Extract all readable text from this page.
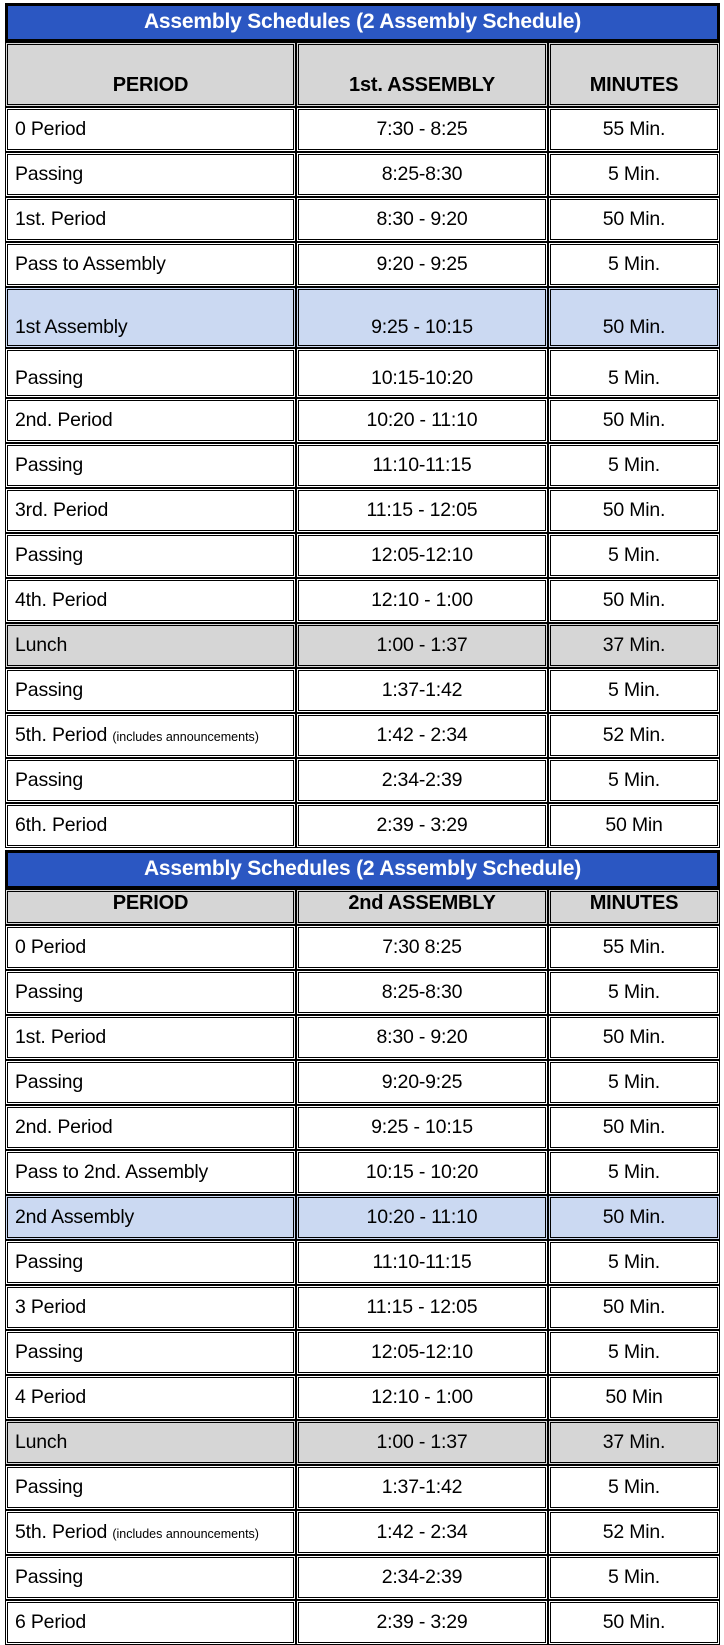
Assembly Schedules (2 Assembly Schedule)		
PERIOD	1st. ASSEMBLY	MINUTES
0 Period	7:30 - 8:25	55 Min.
Passing	8:25-8:30	5 Min.
1st. Period	8:30 - 9:20	50 Min.
Pass to Assembly	9:20 - 9:25	5 Min.
1st Assembly	9:25 - 10:15	50 Min.
Passing	10:15-10:20	5 Min.
2nd. Period	10:20 - 11:10	50 Min.
Passing	11:10-11:15	5 Min.
3rd. Period	11:15 - 12:05	50 Min.
Passing	12:05-12:10	5 Min.
4th. Period	12:10 - 1:00	50 Min.
Lunch	1:00 - 1:37	37 Min.
Passing	1:37-1:42	5 Min.
5th. Period (includes announcements)	1:42 - 2:34	52 Min.
Passing	2:34-2:39	5 Min.
6th. Period	2:39 - 3:29	50 Min
Assembly Schedules (2 Assembly Schedule)		
PERIOD	2nd ASSEMBLY	MINUTES
0 Period	7:30 8:25	55 Min.
Passing	8:25-8:30	5 Min.
1st. Period	8:30 - 9:20	50 Min.
Passing	9:20-9:25	5 Min.
2nd. Period	9:25 - 10:15	50 Min.
Pass to 2nd. Assembly	10:15 - 10:20	5 Min.
2nd Assembly	10:20 - 11:10	50 Min.
Passing	11:10-11:15	5 Min.
3 Period	11:15 - 12:05	50 Min.
Passing	12:05-12:10	5 Min.
4 Period	12:10 - 1:00	50 Min
Lunch	1:00 - 1:37	37 Min.
Passing	1:37-1:42	5 Min.
5th. Period (includes announcements)	1:42 - 2:34	52 Min.
Passing	2:34-2:39	5 Min.
6 Period	2:39 - 3:29	50 Min.
